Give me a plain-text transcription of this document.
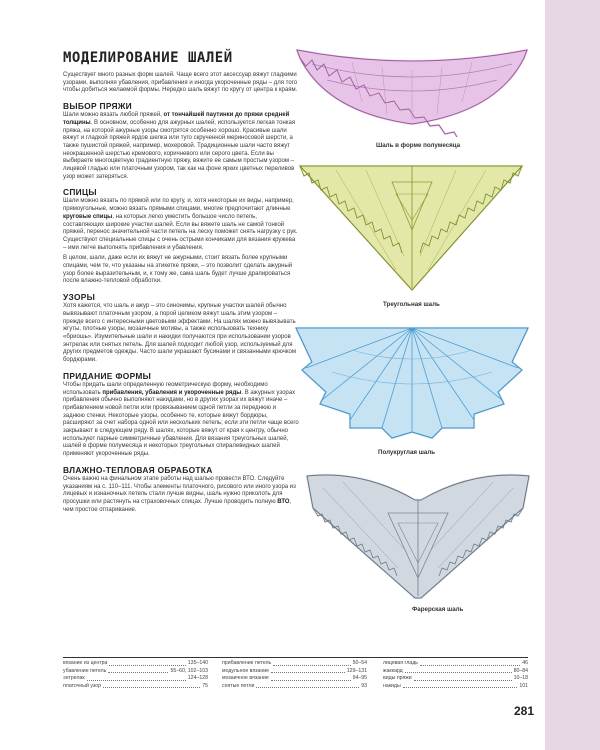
МОДЕЛИРОВАНИЕ ШАЛЕЙ

Существует много разных форм шалей. Чаще всего этот аксессуар вяжут гладкими узорами, выполняя убавления, прибавления и иногда укороченные ряды – для того чтобы добиться желаемой формы. Нередко шаль вяжут по кругу от центра к краям.

ВЫБОР ПРЯЖИ

Шали можно вязать любой пряжей, от тончайшей паутинки до пряжи средней толщины. В основном, особенно для ажурных шалей, используется легкая тонкая пряжа, на которой ажурные узоры смотрятся особенно хорошо. Красивые шали вяжут и гладкой пряжей ярдов шелка или туго скрученной мериносовой шерсти, а также пушистой пряжей, например, мохеровой. Традиционные шали часто вяжут неокрашенной шерстью кремового, коричневого или серого цвета. Если вы выбираете многоцветную градиентную пряжу, вяжите ее самым простым узором – лицевой гладью или платочным узором, так как на фоне ярких цветных переливов узор может затеряться.

СПИЦЫ

Шали можно вязать по прямой или по кругу, и, хотя некоторые их виды, например, прямоугольные, можно вязать прямыми спицами, многие предпочитают длинные круговые спицы, на которых легко уместить большое число петель, составляющих широкие участки шалей. Если вы вяжете шаль не самой тонкой пряжей, перенос значительной части петель на леску поможет снять нагрузку с рук. Существуют специальные спицы с очень острыми кончиками для вязания кружева – ими легче выполнять прибавления и убавления.

В целом, шали, даже если их вяжут не ажурными, стоит вязать более крупными спицами, чем те, что указаны на этикетке пряжи, – это позволит сделать ажурный узор более выразительным, и, к тому же, сама шаль будет лучше драпироваться после влажно-тепловой обработки.

УЗОРЫ

Хотя кажется, что шаль и ажур – это синонимы, крупные участки шалей обычно вывязывают платочным узором, а порой целиком вяжут шаль этим узором – прежде всего с интересными цветовыми эффектами. На шалях можно вывязывать жгуты, плотные узоры, мозаичные мотивы, а также использовать технику «бриошь». Изумительные шали и накидки получаются при использовании узоров энтрелак или снятых петель. Для шалей подходит любой узор, используемый для других предметов одежды. Часто шали украшают бусинами и связанными крючком бордюрами.

ПРИДАНИЕ ФОРМЫ

Чтобы придать шали определенную геометрическую форму, необходимо использовать прибавления, убавления и укороченные ряды. В ажурных узорах прибавления обычно выполняют накидами, но в других узорах их вяжут иначе – прибавлением новой петли или провязыванием одной петли за переднюю и заднюю стенки. Некоторые узоры, особенно те, которые вяжут бордюры, расширяют за счет набора одной или нескольких петель; если эти петли чаще всего закрывают в следующем ряду. В шалях, которые вяжут от края к центру, обычно используют парные симметричные убавления. Для вязания треугольных шалей, шалей в форме полумесяца и некоторых треугольных спиралевидных шалей применяют укороченные ряды.

ВЛАЖНО-ТЕПЛОВАЯ ОБРАБОТКА

Очень важно на финальном этапе работы над шалью провести ВТО. Следуйте указаниям на с. 110–111. Чтобы элементы платочного, рисового или иного узора из лицевых и изнаночных петель стали лучше видны, шаль нужно приколоть для просушки или растянуть на страховочных спицах. Лучше проводить полную ВТО, чем простое отпаривание.

Шаль в форме полумесяца
Треугольная шаль
Полукруглая шаль
Фарерская шаль
вязание из центра	135–140
убавление петель	55–60, 102–103
энтрелак	124–128
платочный узор	75
прибавление петель	50–54
модульное вязание	129–131
мозаичное вязание	94–95
снятые петли	93
лицевая гладь	46
жаккард	80–84
виды пряжи	10–18
накиды	101
281
